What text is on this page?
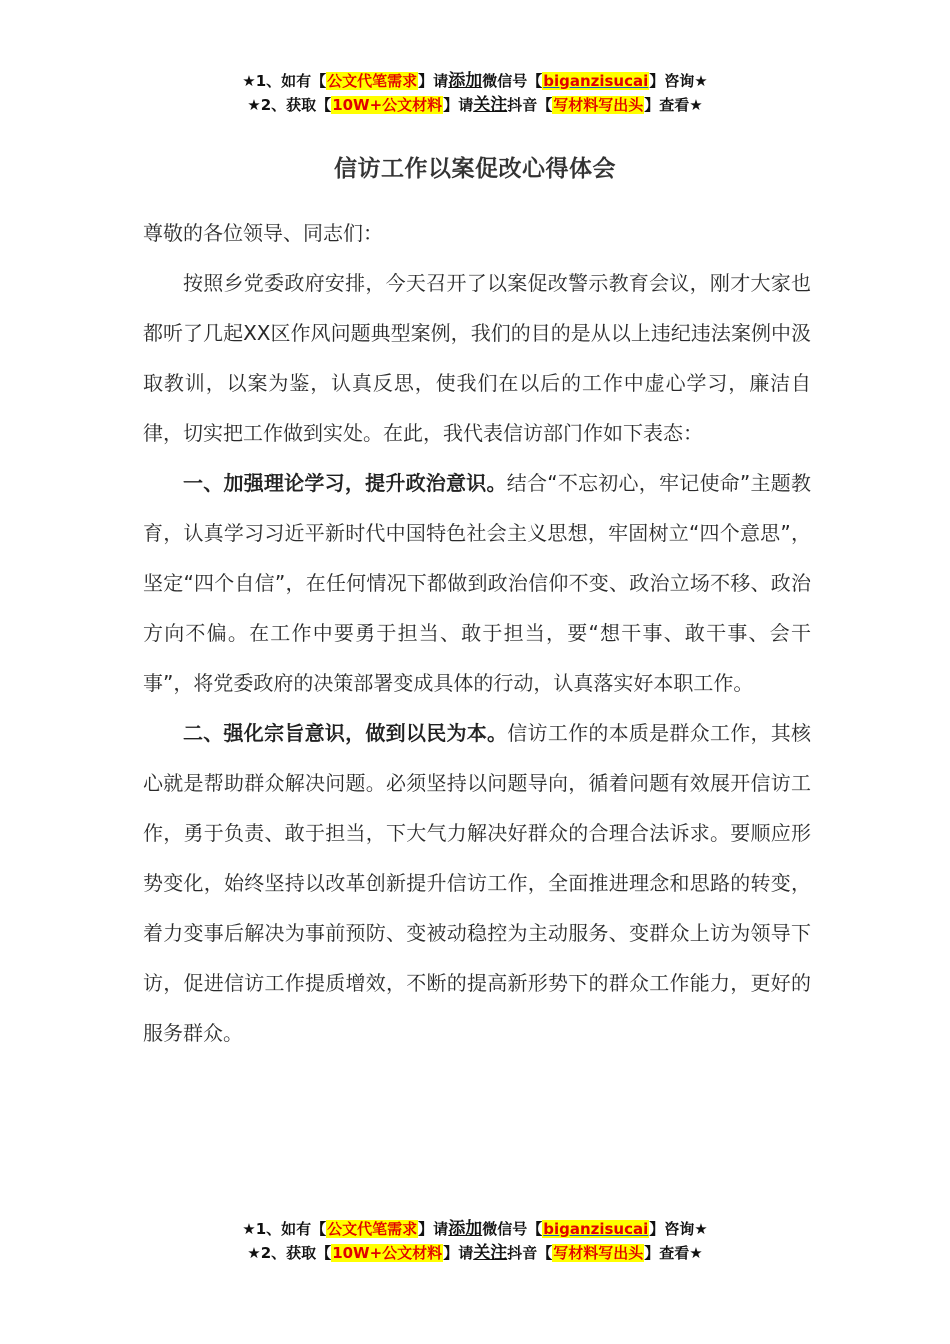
★1、如有【公文代笔需求】请添加微信号【biganzisucai】咨询★
★2、获取【10W+公文材料】请关注抖音【写材料写出头】查看★
信访工作以案促改心得体会

尊敬的各位领导、同志们：

按照乡党委政府安排，今天召开了以案促改警示教育会议，刚才大家也都听了几起XX区作风问题典型案例，我们的目的是从以上违纪违法案例中汲取教训，以案为鉴，认真反思，使我们在以后的工作中虚心学习，廉洁自律，切实把工作做到实处。在此，我代表信访部门作如下表态：

一、加强理论学习，提升政治意识。结合“不忘初心，牢记使命”主题教育，认真学习习近平新时代中国特色社会主义思想，牢固树立“四个意思”，坚定“四个自信”，在任何情况下都做到政治信仰不变、政治立场不移、政治方向不偏。在工作中要勇于担当、敢于担当，要“想干事、敢干事、会干事”，将党委政府的决策部署变成具体的行动，认真落实好本职工作。

二、强化宗旨意识，做到以民为本。信访工作的本质是群众工作，其核心就是帮助群众解决问题。必须坚持以问题导向，循着问题有效展开信访工作，勇于负责、敢于担当，下大气力解决好群众的合理合法诉求。要顺应形势变化，始终坚持以改革创新提升信访工作，全面推进理念和思路的转变，着力变事后解决为事前预防、变被动稳控为主动服务、变群众上访为领导下访，促进信访工作提质增效，不断的提高新形势下的群众工作能力，更好的服务群众。

★1、如有【公文代笔需求】请添加微信号【biganzisucai】咨询★
★2、获取【10W+公文材料】请关注抖音【写材料写出头】查看★
